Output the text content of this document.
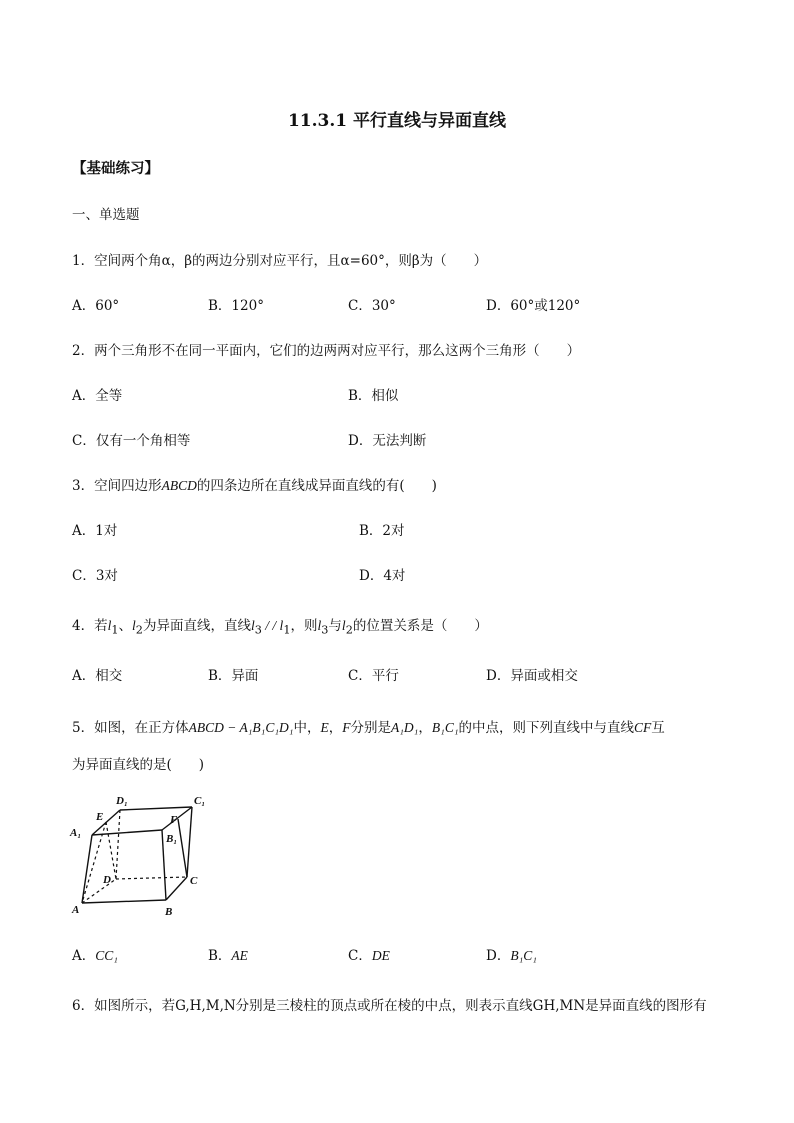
11.3.1 平行直线与异面直线
【基础练习】
一、单选题
1．空间两个角α，β的两边分别对应平行，且α=60°，则β为（　　）
A．60°	B．120°	C．30°	D．60°或120°
2．两个三角形不在同一平面内，它们的边两两对应平行，那么这两个三角形（　　）
A．全等	B．相似
C．仅有一个角相等	D．无法判断
3．空间四边形ABCD的四条边所在直线成异面直线的有(　　)
A．1对	B．2对
C．3对	D．4对
4．若$l_1$、$l_2$为异面直线，直线$l_3$ / / $l_1$，则$l_3$与$l_2$的位置关系是（　　）
A．相交	B．异面	C．平行	D．异面或相交
5．如图，在正方体ABCD − A₁B₁C₁D₁中，E，F分别是A₁D₁，B₁C₁的中点，则下列直线中与直线CF互
为异面直线的是(　　)
D₁	C₁
A₁
E	F
B₁
D	C
A	B
A．CC₁	B．AE	C．DE	D．B₁C₁
6．如图所示，若G,H,M,N分别是三棱柱的顶点或所在棱的中点，则表示直线GH,MN是异面直线的图形有
